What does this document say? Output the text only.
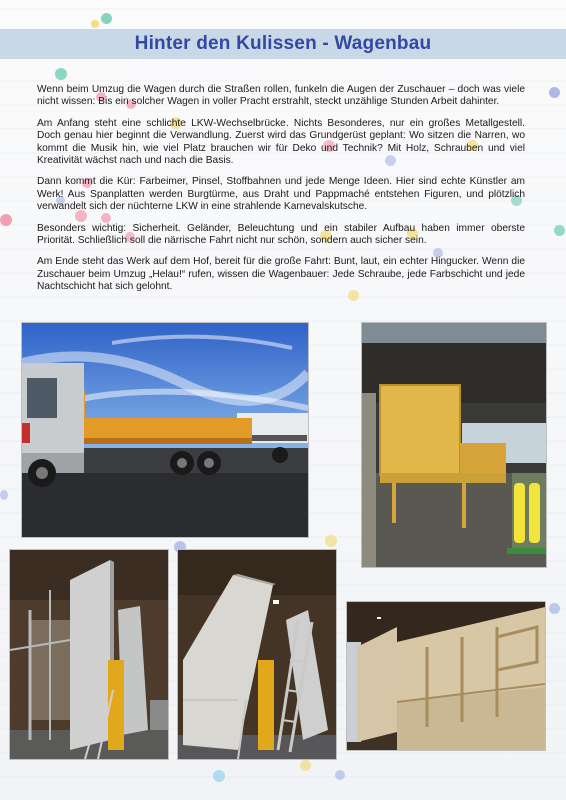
Hinter den Kulissen - Wagenbau

Wenn beim Umzug die Wagen durch die Straßen rollen, funkeln die Augen der Zuschauer – doch was viele nicht wissen: Bis ein solcher Wagen in voller Pracht erstrahlt, steckt unzählige Stunden Arbeit dahinter.

Am Anfang steht eine schlichte LKW-Wechselbrücke. Nichts Besonderes, nur ein großes Metallgestell. Doch genau hier beginnt die Verwandlung. Zuerst wird das Grundgerüst geplant: Wo sitzen die Narren, wo kommt die Musik hin, wie viel Platz brauchen wir für Deko und Technik? Mit Holz, Schrauben und viel Kreativität wächst nach und nach die Basis.

Dann kommt die Kür: Farbeimer, Pinsel, Stoffbahnen und jede Menge Ideen. Hier sind echte Künstler am Werk! Aus Spanplatten werden Burgtürme, aus Draht und Pappmaché entstehen Figuren, und plötzlich verwandelt sich der nüchterne LKW in eine strahlende Karnevalskutsche.

Besonders wichtig: Sicherheit. Geländer, Beleuchtung und ein stabiler Aufbau haben immer oberste Priorität. Schließlich soll die närrische Fahrt nicht nur schön, sondern auch sicher sein.

Am Ende steht das Werk auf dem Hof, bereit für die große Fahrt: Bunt, laut, ein echter Hingucker. Wenn die Zuschauer beim Umzug „Helau!“ rufen, wissen die Wagenbauer: Jede Schraube, jede Farbschicht und jede Nachtschicht hat sich gelohnt.
